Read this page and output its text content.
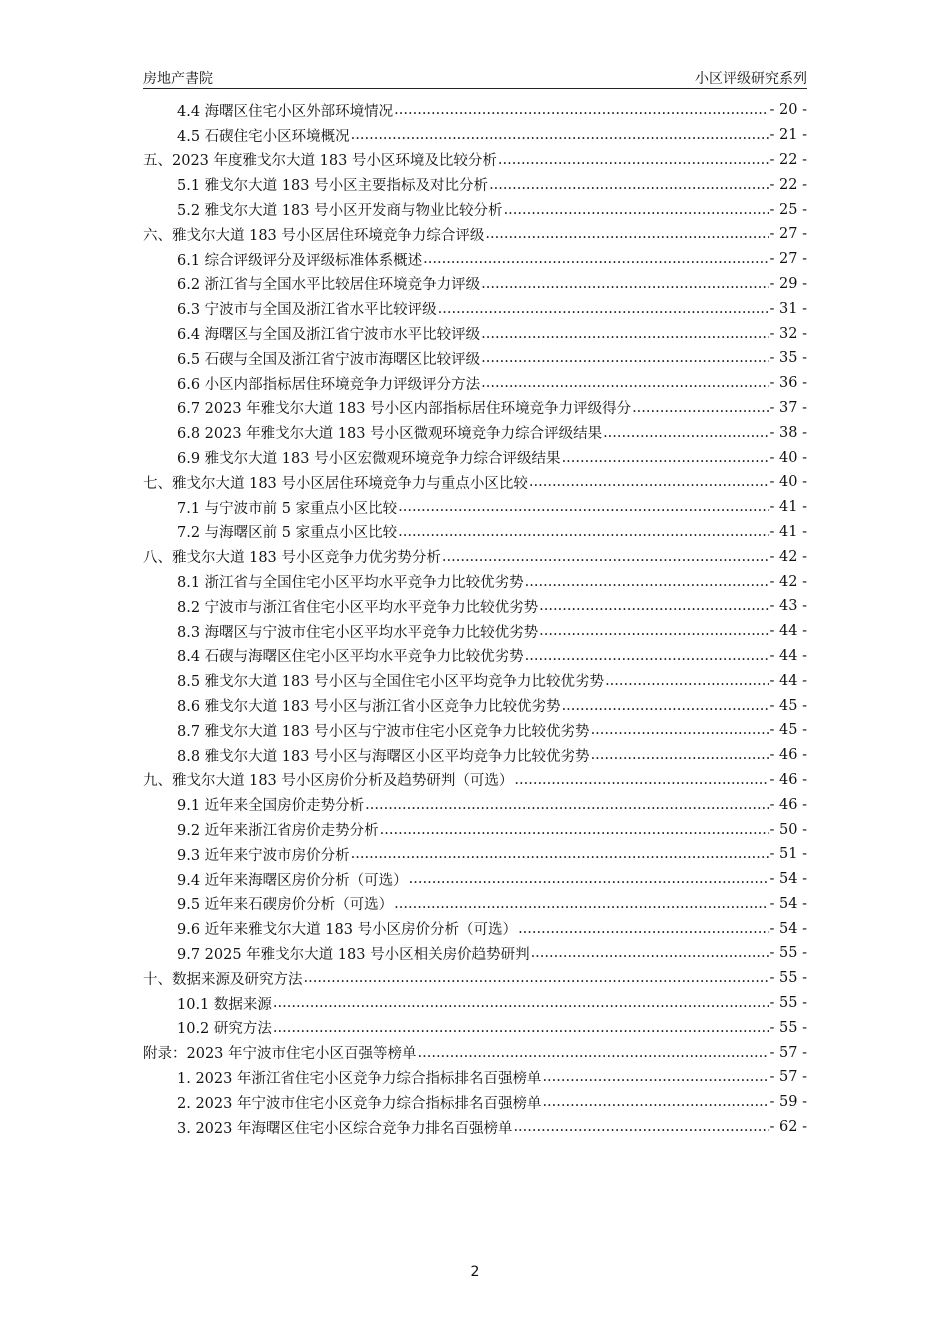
房地产書院	小区评级研究系列
4.4 海曙区住宅小区外部环境情况 .....	- 20 -
4.5 石碶住宅小区环境概况 .....	- 21 -
五、2023 年度雅戈尔大道 183 号小区环境及比较分析 .....	- 22 -
5.1 雅戈尔大道 183 号小区主要指标及对比分析 .....	- 22 -
5.2 雅戈尔大道 183 号小区开发商与物业比较分析 .....	- 25 -
六、雅戈尔大道 183 号小区居住环境竞争力综合评级 .....	- 27 -
6.1 综合评级评分及评级标准体系概述 .....	- 27 -
6.2 浙江省与全国水平比较居住环境竞争力评级 .....	- 29 -
6.3 宁波市与全国及浙江省水平比较评级 .....	- 31 -
6.4 海曙区与全国及浙江省宁波市水平比较评级 .....	- 32 -
6.5 石碶与全国及浙江省宁波市海曙区比较评级 .....	- 35 -
6.6 小区内部指标居住环境竞争力评级评分方法 .....	- 36 -
6.7 2023 年雅戈尔大道 183 号小区内部指标居住环境竞争力评级得分 .....	- 37 -
6.8 2023 年雅戈尔大道 183 号小区微观环境竞争力综合评级结果 .....	- 38 -
6.9 雅戈尔大道 183 号小区宏微观环境竞争力综合评级结果 .....	- 40 -
七、雅戈尔大道 183 号小区居住环境竞争力与重点小区比较 .....	- 40 -
7.1 与宁波市前 5 家重点小区比较 .....	- 41 -
7.2 与海曙区前 5 家重点小区比较 .....	- 41 -
八、雅戈尔大道 183 号小区竞争力优劣势分析 .....	- 42 -
8.1 浙江省与全国住宅小区平均水平竞争力比较优劣势 .....	- 42 -
8.2 宁波市与浙江省住宅小区平均水平竞争力比较优劣势 .....	- 43 -
8.3 海曙区与宁波市住宅小区平均水平竞争力比较优劣势 .....	- 44 -
8.4 石碶与海曙区住宅小区平均水平竞争力比较优劣势 .....	- 44 -
8.5 雅戈尔大道 183 号小区与全国住宅小区平均竞争力比较优劣势 .....	- 44 -
8.6 雅戈尔大道 183 号小区与浙江省小区竞争力比较优劣势 .....	- 45 -
8.7 雅戈尔大道 183 号小区与宁波市住宅小区竞争力比较优劣势 .....	- 45 -
8.8 雅戈尔大道 183 号小区与海曙区小区平均竞争力比较优劣势 .....	- 46 -
九、雅戈尔大道 183 号小区房价分析及趋势研判（可选） .....	- 46 -
9.1 近年来全国房价走势分析 .....	- 46 -
9.2 近年来浙江省房价走势分析 .....	- 50 -
9.3 近年来宁波市房价分析 .....	- 51 -
9.4 近年来海曙区房价分析（可选） .....	- 54 -
9.5 近年来石碶房价分析（可选） .....	- 54 -
9.6 近年来雅戈尔大道 183 号小区房价分析（可选） .....	- 54 -
9.7 2025 年雅戈尔大道 183 号小区相关房价趋势研判 .....	- 55 -
十、数据来源及研究方法 .....	- 55 -
10.1 数据来源 .....	- 55 -
10.2 研究方法 .....	- 55 -
附录：2023 年宁波市住宅小区百强等榜单 .....	- 57 -
1. 2023 年浙江省住宅小区竞争力综合指标排名百强榜单 .....	- 57 -
2. 2023 年宁波市住宅小区竞争力综合指标排名百强榜单 .....	- 59 -
3. 2023 年海曙区住宅小区综合竞争力排名百强榜单 .....	- 62 -
2
